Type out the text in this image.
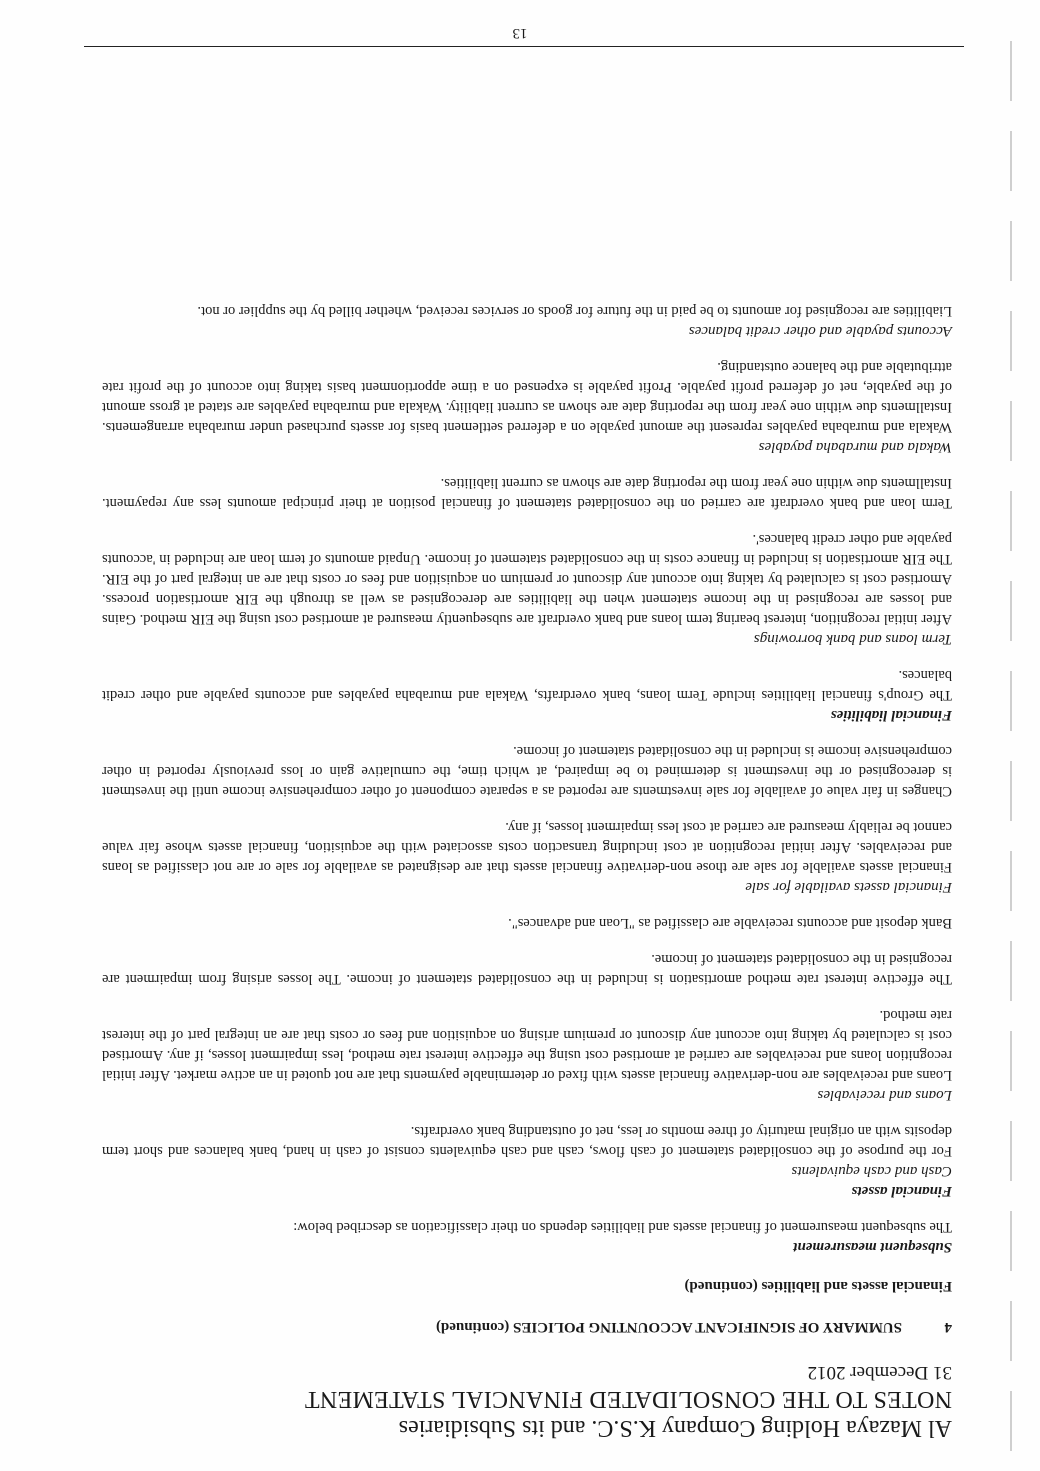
Al Mazaya Holding Company K.S.C. and its Subsidiaries

NOTES TO THE CONSOLIDATED FINANCIAL STATEMENT

31 December 2012

4
SUMMARY OF SIGNIFICANT ACCOUNTING POLICIES (continued)

Financial assets and liabilities (continued)

Subsequent measurement

The subsequent measurement of financial assets and liabilities depends on their classification as described below:

Financial assets

Cash and cash equivalents

For the purpose of the consolidated statement of cash flows, cash and cash equivalents consist of cash in hand, bank balances and short term deposits with an original maturity of three months or less, net of outstanding bank overdrafts.

Loans and receivables

Loans and receivables are non-derivative financial assets with fixed or determinable payments that are not quoted in an active market. After initial recognition loans and receivables are carried at amortised cost using the effective interest rate method, less impairment losses, if any. Amortised cost is calculated by taking into account any discount or premium arising on acquisition and fees or costs that are an integral part of the interest rate method.

The effective interest rate method amortisation is included in the consolidated statement of income. The losses arising from impairment are recognised in the consolidated statement of income.

Bank deposit and accounts receivable are classified as "Loan and advances".

Financial assets available for sale

Financial assets available for sale are those non-derivative financial assets that are designated as available for sale or are not classified as loans and receivables. After initial recognition at cost including transaction costs associated with the acquisition, financial assets whose fair value cannot be reliably measured are carried at cost less impairment losses, if any.

Changes in fair value of available for sale investments are reported as a separate component of other comprehensive income until the investment is derecognised or the investment is determined to be impaired, at which time, the cumulative gain or loss previously reported in other comprehensive income is included in the consolidated statement of income.

Financial liabilities

The Group's financial liabilities include Term loans, bank overdrafts, Wakala and murabaha payables and accounts payable and other credit balances.

Term loans and bank borrowings

After initial recognition, interest bearing term loans and bank overdraft are subsequently measured at amortised cost using the EIR method. Gains and losses are recognised in the income statement when the liabilities are derecognised as well as through the EIR amortisation process. Amortised cost is calculated by taking into account any discount or premium on acquisition and fees or costs that are an integral part of the EIR. The EIR amortisation is included in finance costs in the consolidated statement of income. Unpaid amounts of term loan are included in 'accounts payable and other credit balances'.

Term loan and bank overdraft are carried on the consolidated statement of financial position at their principal amounts less any repayment. Installments due within one year from the reporting date are shown as current liabilities.

Wakala and murabaha payables

Wakala and murabaha payables represent the amount payable on a deferred settlement basis for assets purchased under murabaha arrangements. Installments due within one year from the reporting date are shown as current liability. Wakala and murabaha payables are stated at gross amount of the payable, net of deferred profit payable. Profit payable is expensed on a time apportionment basis taking into account of the profit rate attributable and the balance outstanding.

Accounts payable and other credit balances

Liabilities are recognised for amounts to be paid in the future for goods or services received, whether billed by the supplier or not.

13
